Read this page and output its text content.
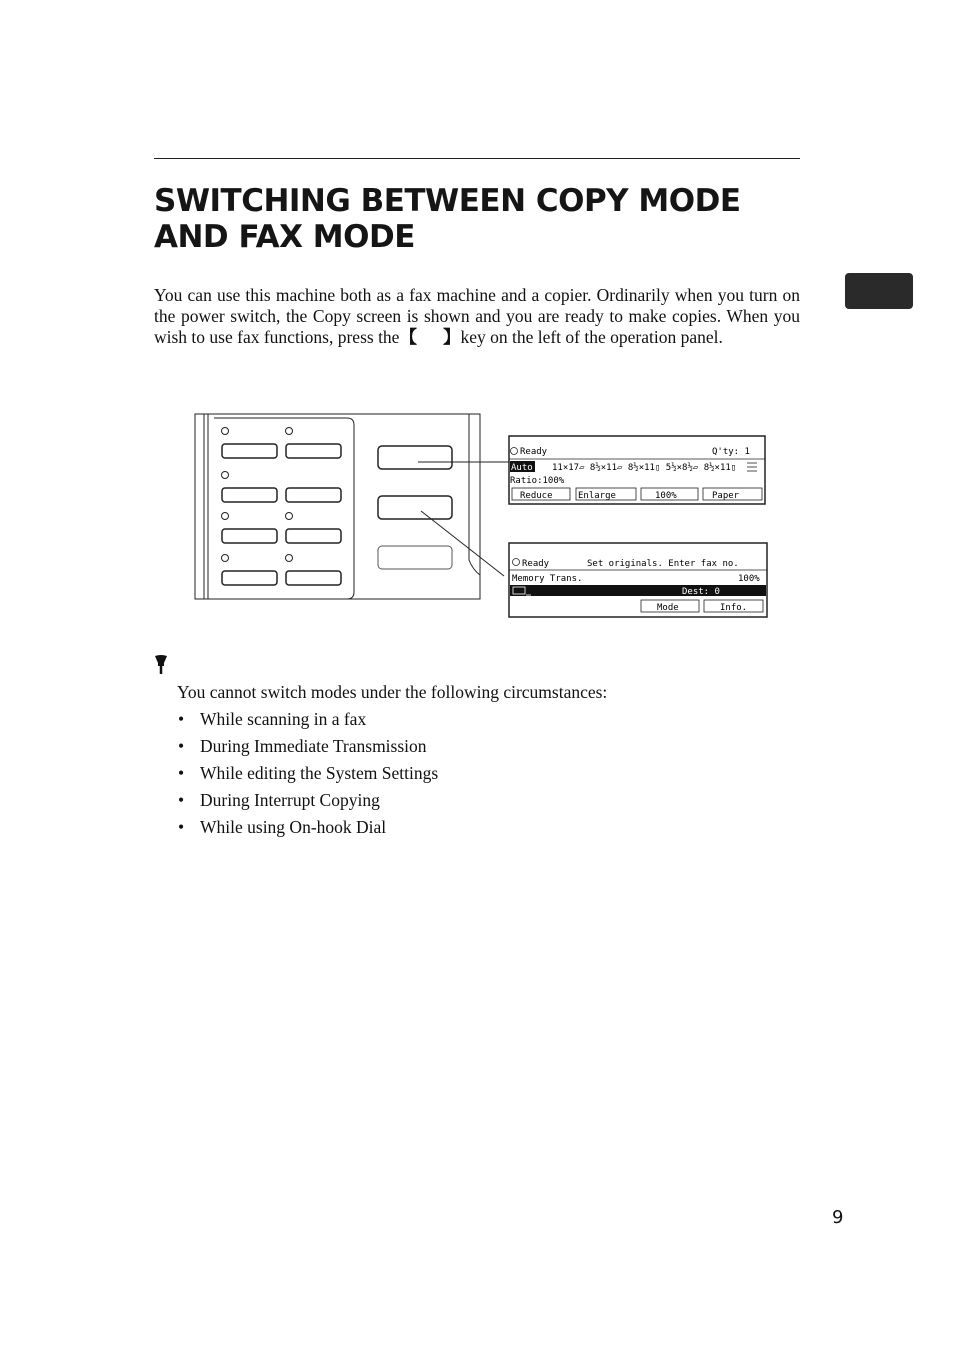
SWITCHING BETWEEN COPY MODE AND FAX MODE

You can use this machine both as a fax machine and a copier. Ordinarily when you turn on the power switch, the Copy screen is shown and you are ready to make copies. When you wish to use fax functions, press the【 】key on the left of the operation panel.

Ready	Q'ty: 1
Auto 11×17▱ 8½×11▱ 8½×11▯ 5½×8½▱ 8½×11▯
Ratio:100%
Reduce	Enlarge	100%	Paper
Ready	Set originals. Enter fax no.
Memory Trans.	100%
Dest: 0
Mode	Info.

You cannot switch modes under the following circumstances:

• While scanning in a fax
• During Immediate Transmission
• While editing the System Settings
• During Interrupt Copying
• While using On-hook Dial
9
